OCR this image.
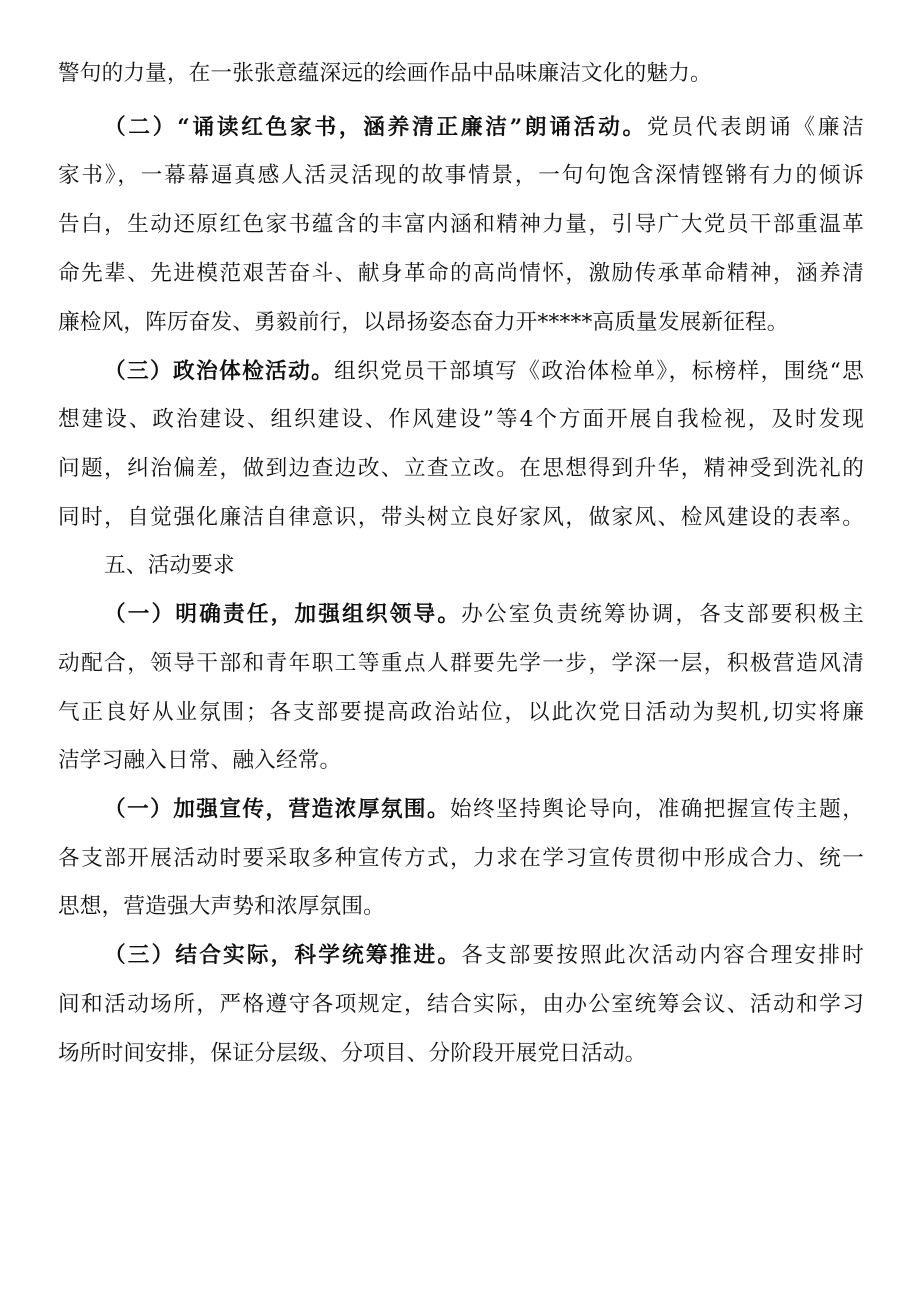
警句的力量，在一张张意蕴深远的绘画作品中品味廉洁文化的魅力。
（二）“诵读红色家书，涵养清正廉洁”朗诵活动。党员代表朗诵《廉洁
家书》，一幕幕逼真感人活灵活现的故事情景，一句句饱含深情铿锵有力的倾诉
告白，生动还原红色家书蕴含的丰富内涵和精神力量，引导广大党员干部重温革
命先辈、先进模范艰苦奋斗、献身革命的高尚情怀，激励传承革命精神，涵养清
廉检风，阵厉奋发、勇毅前行，以昂扬姿态奋力开*****高质量发展新征程。
（三）政治体检活动。组织党员干部填写《政治体检单》，标榜样，围绕“思
想建设、政治建设、组织建设、作风建设”等4个方面开展自我检视，及时发现
问题，纠治偏差，做到边查边改、立查立改。在思想得到升华，精神受到洗礼的
同时，自觉强化廉洁自律意识，带头树立良好家风，做家风、检风建设的表率。
五、活动要求
（一）明确责任，加强组织领导。办公室负责统筹协调，各支部要积极主
动配合，领导干部和青年职工等重点人群要先学一步，学深一层，积极营造风清
气正良好从业氛围；各支部要提高政治站位，以此次党日活动为契机,切实将廉
洁学习融入日常、融入经常。
（一）加强宣传，营造浓厚氛围。始终坚持舆论导向，准确把握宣传主题，
各支部开展活动时要采取多种宣传方式，力求在学习宣传贯彻中形成合力、统一
思想，营造强大声势和浓厚氛围。
（三）结合实际，科学统筹推进。各支部要按照此次活动内容合理安排时
间和活动场所，严格遵守各项规定，结合实际，由办公室统筹会议、活动和学习
场所时间安排，保证分层级、分项目、分阶段开展党日活动。
